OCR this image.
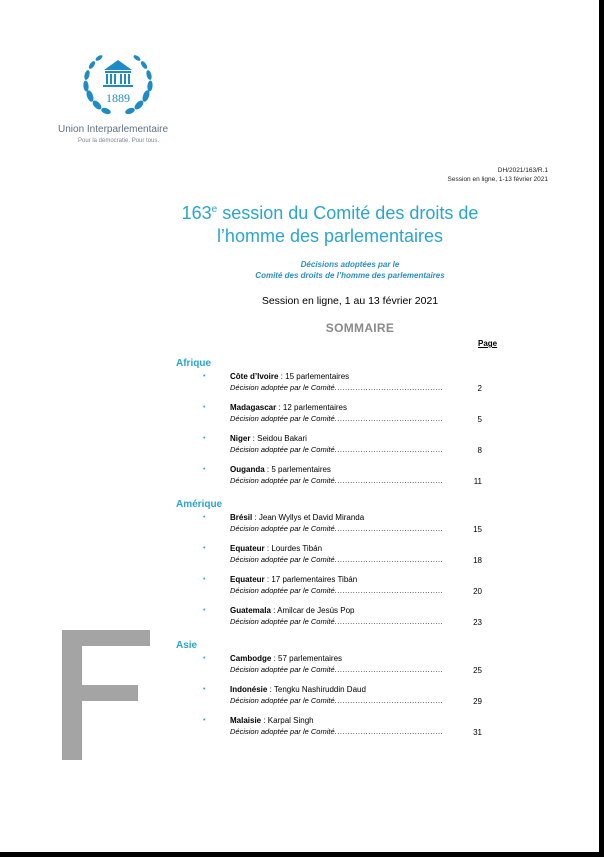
1889
Union Interparlementaire
Pour la démocratie. Pour tous.
DH/2021/163/R.1
Session en ligne, 1-13 février 2021
163e session du Comité des droits de
l’homme des parlementaires
Décisions adoptées par le
Comité des droits de l’homme des parlementaires
Session en ligne, 1 au 13 février 2021
SOMMAIRE
Page
Afrique
•	Côte d’Ivoire : 15 parlementaires
Décision adoptée par le Comité..........................................	2
•	Madagascar : 12 parlementaires
Décision adoptée par le Comité..........................................	5
•	Niger : Seidou Bakari
Décision adoptée par le Comité..........................................	8
•	Ouganda : 5 parlementaires
Décision adoptée par le Comité..........................................	11
Amérique
•	Brésil : Jean Wyllys et David Miranda
Décision adoptée par le Comité..........................................	15
•	Equateur : Lourdes Tibán
Décision adoptée par le Comité..........................................	18
•	Equateur : 17 parlementaires Tibán
Décision adoptée par le Comité..........................................	20
•	Guatemala : Amilcar de Jesús Pop
Décision adoptée par le Comité..........................................	23
Asie
•	Cambodge : 57 parlementaires
Décision adoptée par le Comité..........................................	25
•	Indonésie : Tengku Nashiruddin Daud
Décision adoptée par le Comité..........................................	29
•	Malaisie : Karpal Singh
Décision adoptée par le Comité..........................................	31
